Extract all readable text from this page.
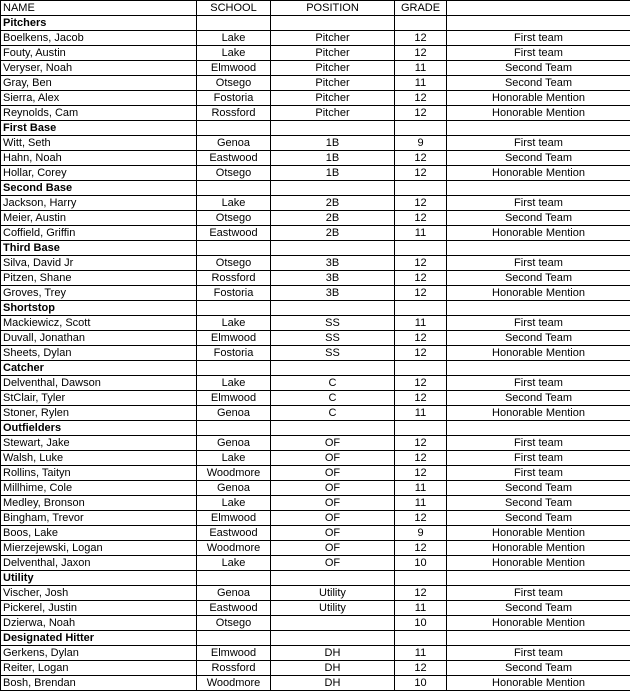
NAME	SCHOOL	POSITION	GRADE	
Pitchers				
Boelkens, Jacob	Lake	Pitcher	12	First team
Fouty, Austin	Lake	Pitcher	12	First team
Veryser, Noah	Elmwood	Pitcher	11	Second Team
Gray, Ben	Otsego	Pitcher	11	Second Team
Sierra, Alex	Fostoria	Pitcher	12	Honorable Mention
Reynolds, Cam	Rossford	Pitcher	12	Honorable Mention
First Base				
Witt, Seth	Genoa	1B	9	First team
Hahn, Noah	Eastwood	1B	12	Second Team
Hollar, Corey	Otsego	1B	12	Honorable Mention
Second Base				
Jackson, Harry	Lake	2B	12	First team
Meier, Austin	Otsego	2B	12	Second Team
Coffield, Griffin	Eastwood	2B	11	Honorable Mention
Third Base				
Silva, David Jr	Otsego	3B	12	First team
Pitzen, Shane	Rossford	3B	12	Second Team
Groves, Trey	Fostoria	3B	12	Honorable Mention
Shortstop				
Mackiewicz, Scott	Lake	SS	11	First team
Duvall, Jonathan	Elmwood	SS	12	Second Team
Sheets, Dylan	Fostoria	SS	12	Honorable Mention
Catcher				
Delventhal, Dawson	Lake	C	12	First team
StClair, Tyler	Elmwood	C	12	Second Team
Stoner, Rylen	Genoa	C	11	Honorable Mention
Outfielders				
Stewart, Jake	Genoa	OF	12	First team
Walsh, Luke	Lake	OF	12	First team
Rollins, Taityn	Woodmore	OF	12	First team
Millhime, Cole	Genoa	OF	11	Second Team
Medley, Bronson	Lake	OF	11	Second Team
Bingham, Trevor	Elmwood	OF	12	Second Team
Boos, Lake	Eastwood	OF	9	Honorable Mention
Mierzejewski, Logan	Woodmore	OF	12	Honorable Mention
Delventhal, Jaxon	Lake	OF	10	Honorable Mention
Utility				
Vischer, Josh	Genoa	Utility	12	First team
Pickerel, Justin	Eastwood	Utility	11	Second Team
Dzierwa, Noah	Otsego		10	Honorable Mention
Designated Hitter				
Gerkens, Dylan	Elmwood	DH	11	First team
Reiter, Logan	Rossford	DH	12	Second Team
Bosh, Brendan	Woodmore	DH	10	Honorable Mention
